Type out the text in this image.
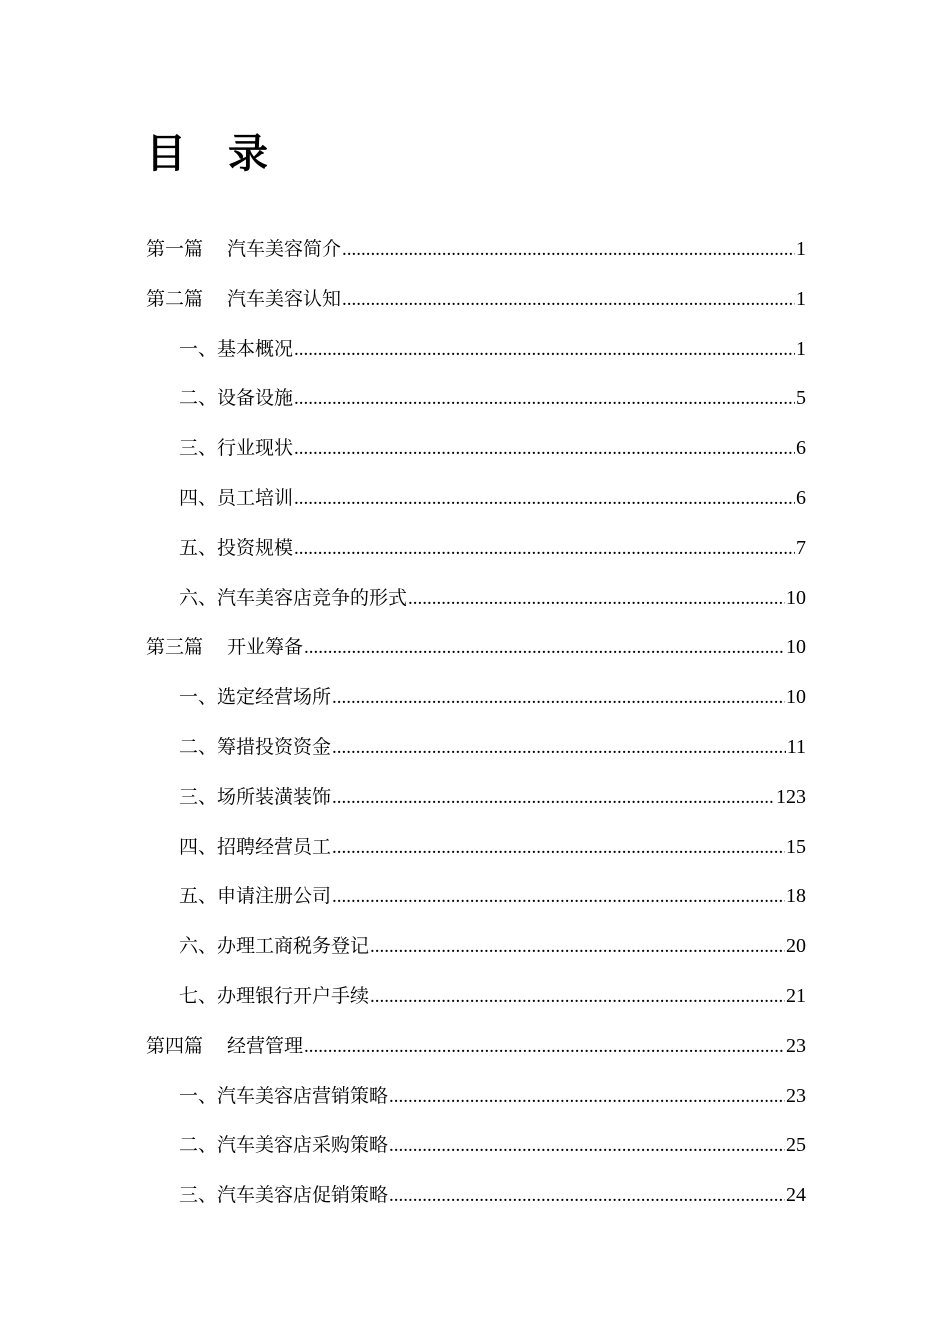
目 录
第一篇 汽车美容简介 .....	1
第二篇 汽车美容认知 .....	1
一、基本概况 .....	1
二、设备设施 .....	5
三、行业现状 .....	6
四、员工培训 .....	6
五、投资规模 .....	7
六、汽车美容店竞争的形式 .....	10
第三篇 开业筹备 .....	10
一、选定经营场所 .....	10
二、筹措投资资金 .....	11
三、场所装潢装饰 .....	123
四、招聘经营员工 .....	15
五、申请注册公司 .....	18
六、办理工商税务登记 .....	20
七、办理银行开户手续 .....	21
第四篇 经营管理 .....	23
一、汽车美容店营销策略 .....	23
二、汽车美容店采购策略 .....	25
三、汽车美容店促销策略 .....	24
